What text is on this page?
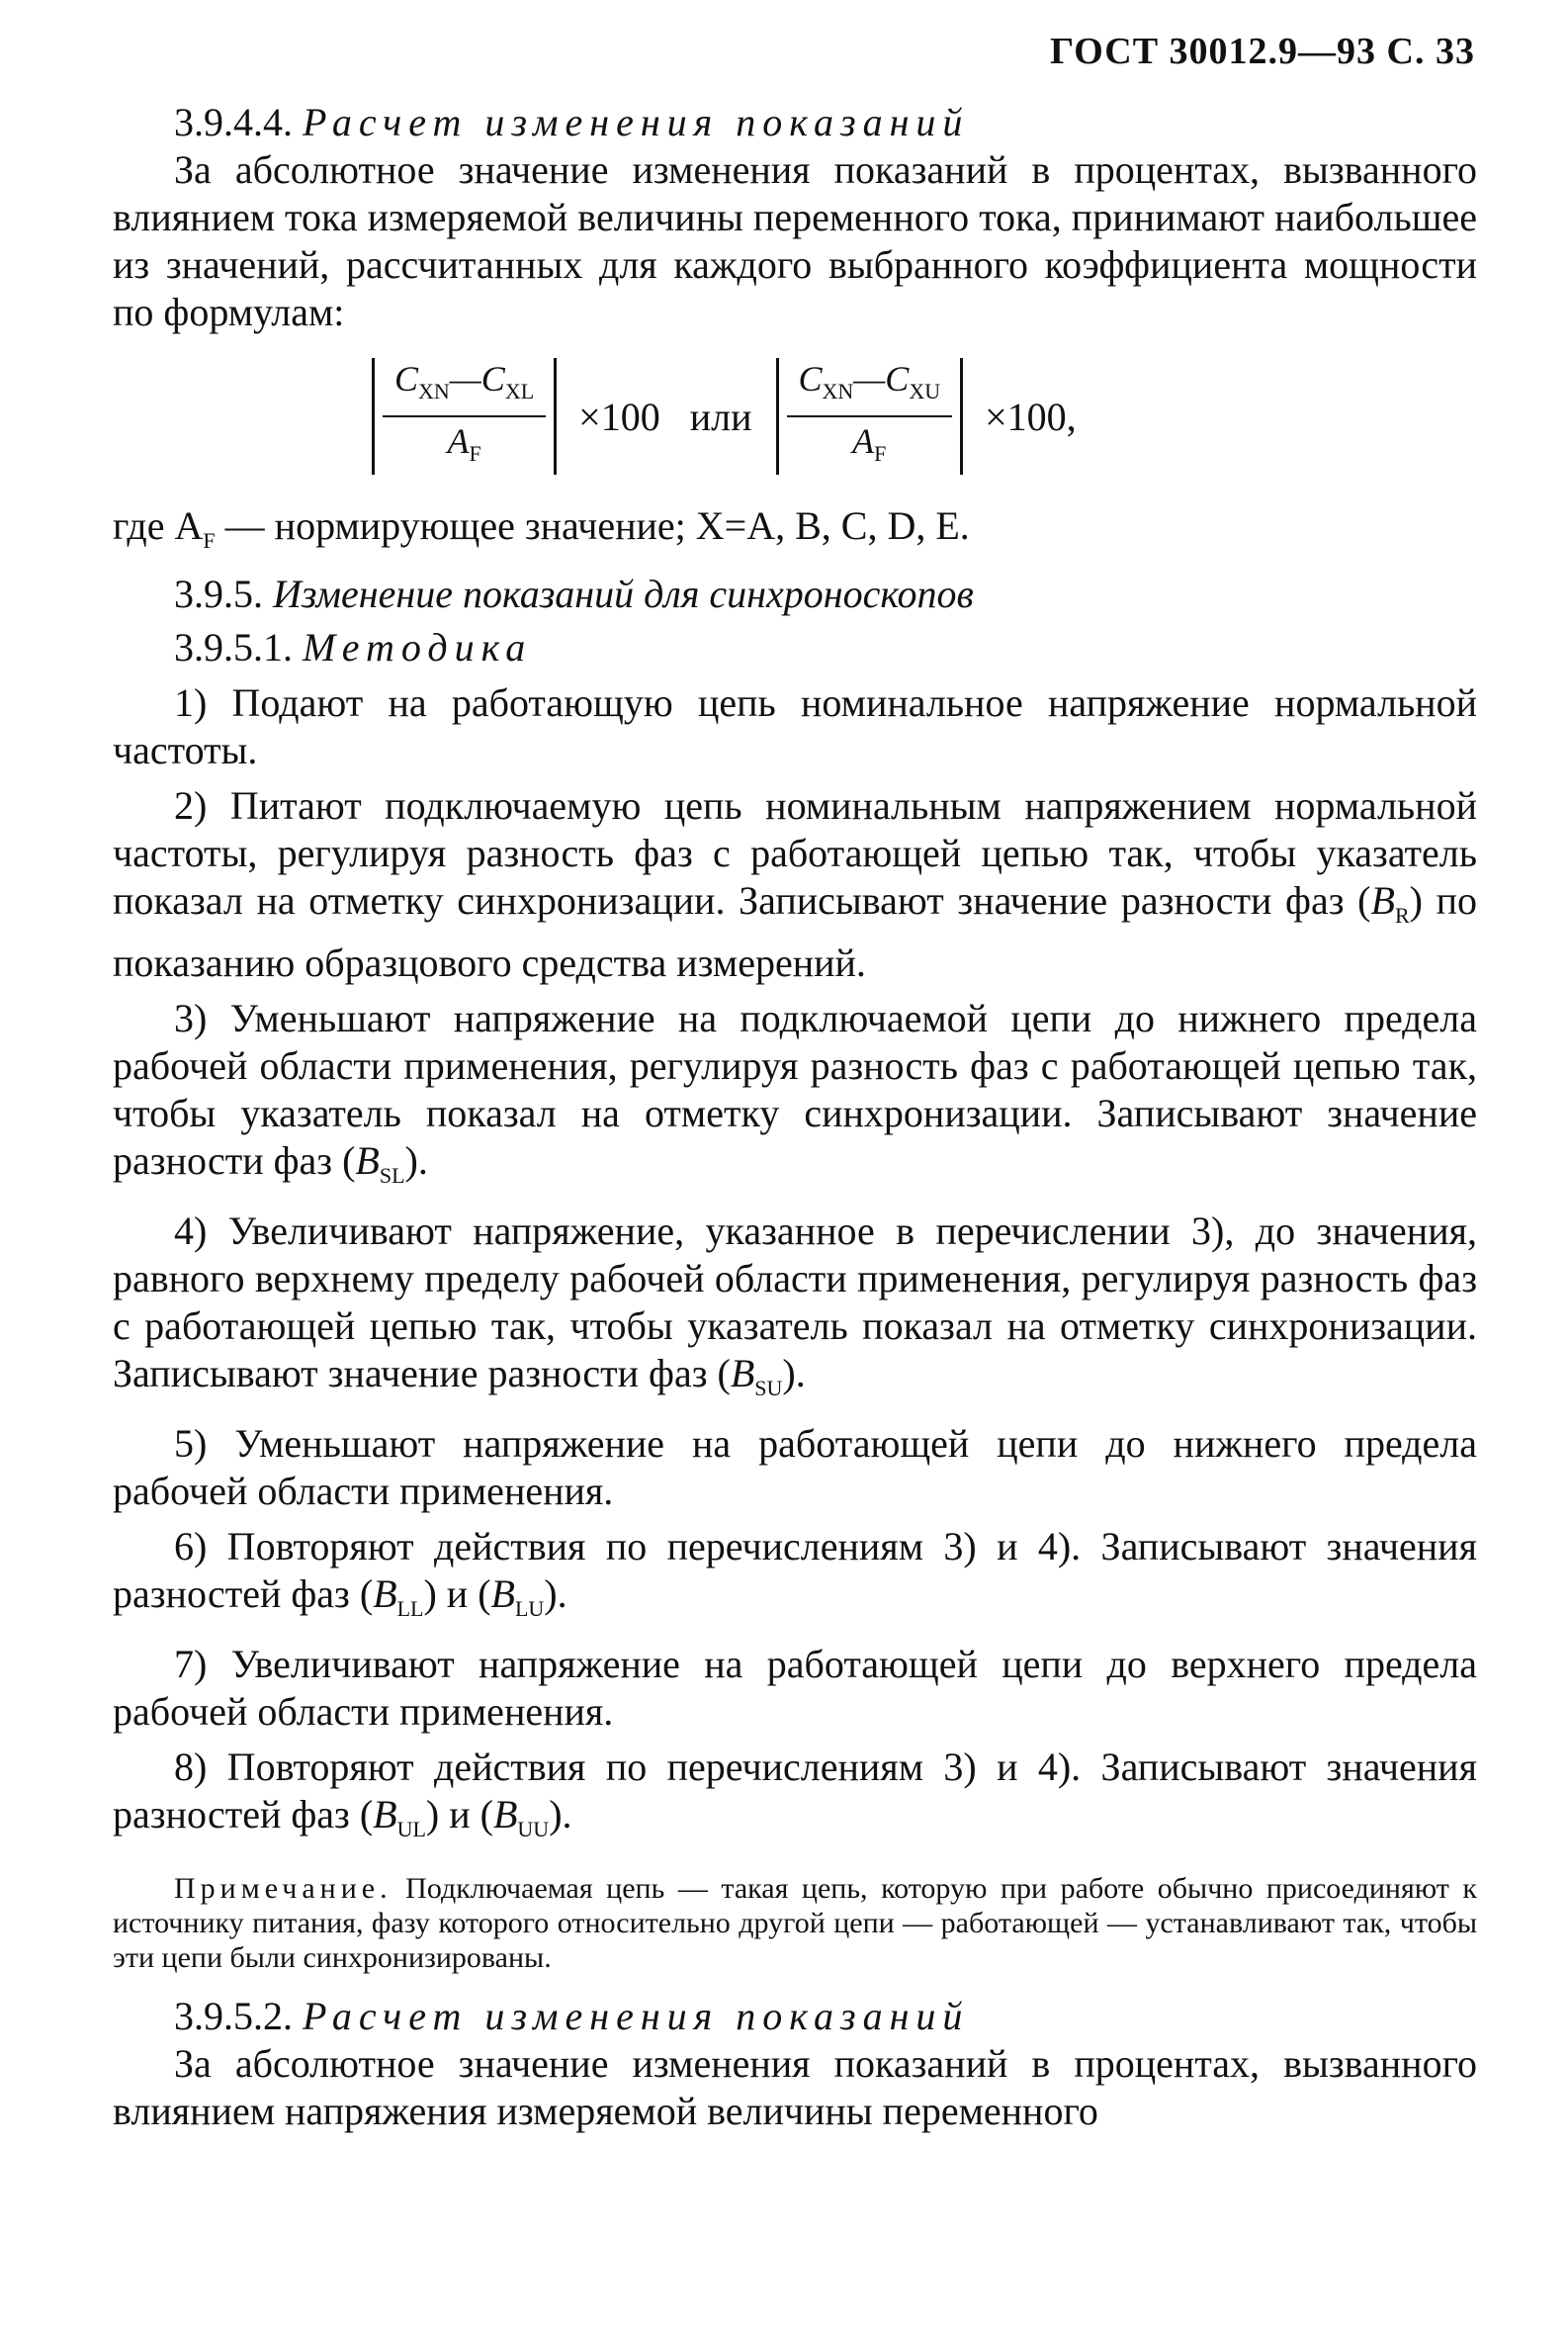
ГОСТ 30012.9—93 С. 33

3.9.4.4. Расчет изменения показаний

За абсолютное значение изменения показаний в процентах, вызванного влиянием тока измеряемой величины переменного тока, принимают наибольшее из значений, рассчитанных для каждого выбранного коэффициента мощности по формулам:

$\frac{C_{XN}—C_{XL}}{A_F} \times 100$ или $\frac{C_{XN}—C_{XU}}{A_F} \times 100$,

где $A_F$ — нормирующее значение; X=A, B, C, D, E.

3.9.5. Изменение показаний для синхроноскопов

3.9.5.1. Методика

1) Подают на работающую цепь номинальное напряжение нормальной частоты.

2) Питают подключаемую цепь номинальным напряжением нормальной частоты, регулируя разность фаз с работающей цепью так, чтобы указатель показал на отметку синхронизации. Записывают значение разности фаз $(B_R)$ по показанию образцового средства измерений.

3) Уменьшают напряжение на подключаемой цепи до нижнего предела рабочей области применения, регулируя разность фаз с работающей цепью так, чтобы указатель показал на отметку синхронизации. Записывают значение разности фаз $(B_{SL})$.

4) Увеличивают напряжение, указанное в перечислении 3), до значения, равного верхнему пределу рабочей области применения, регулируя разность фаз с работающей цепью так, чтобы указатель показал на отметку синхронизации. Записывают значение разности фаз $(B_{SU})$.

5) Уменьшают напряжение на работающей цепи до нижнего предела рабочей области применения.

6) Повторяют действия по перечислениям 3) и 4). Записывают значения разностей фаз $(B_{LL})$ и $(B_{LU})$.

7) Увеличивают напряжение на работающей цепи до верхнего предела рабочей области применения.

8) Повторяют действия по перечислениям 3) и 4). Записывают значения разностей фаз $(B_{UL})$ и $(B_{UU})$.

Примечание. Подключаемая цепь — такая цепь, которую при работе обычно присоединяют к источнику питания, фазу которого относительно другой цепи — работающей — устанавливают так, чтобы эти цепи были синхронизированы.

3.9.5.2. Расчет изменения показаний

За абсолютное значение изменения показаний в процентах, вызванного влиянием напряжения измеряемой величины переменного
